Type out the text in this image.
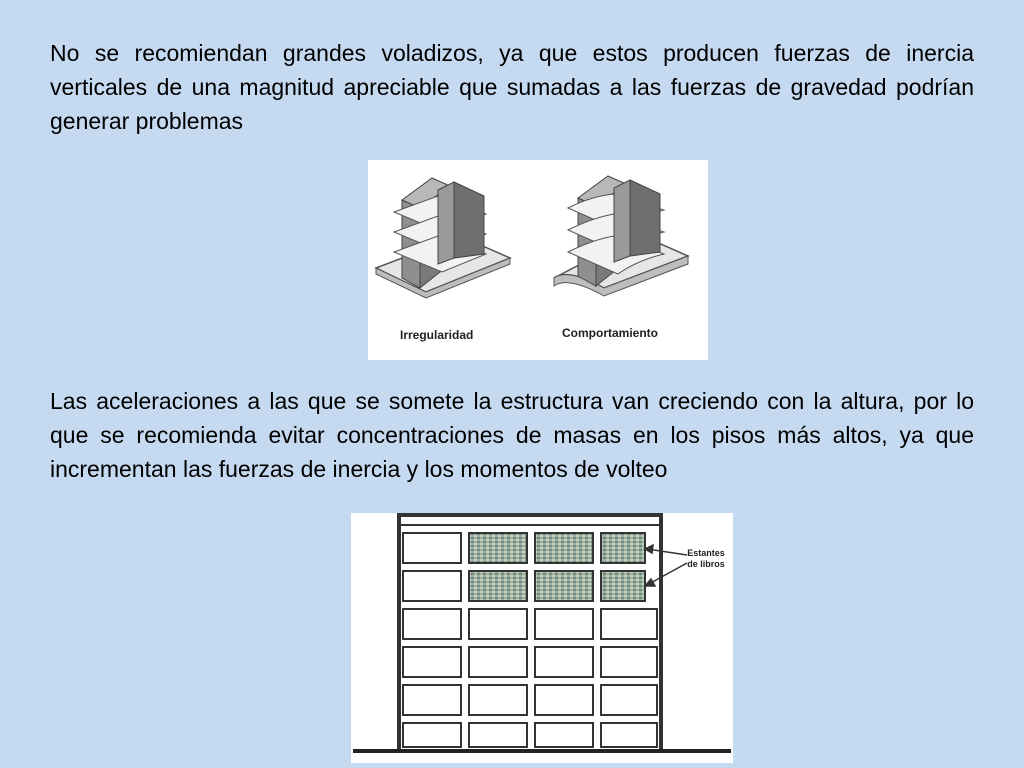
No se recomiendan grandes voladizos, ya que estos producen fuerzas de inercia verticales de una magnitud apreciable que sumadas a las fuerzas de gravedad podrían generar problemas

Irregularidad	Comportamiento

Las aceleraciones a las que se somete la estructura van creciendo con la altura, por lo que se recomienda evitar concentraciones de masas en los pisos más altos, ya que incrementan las fuerzas de inercia y los momentos de volteo

Estantes
de libros
